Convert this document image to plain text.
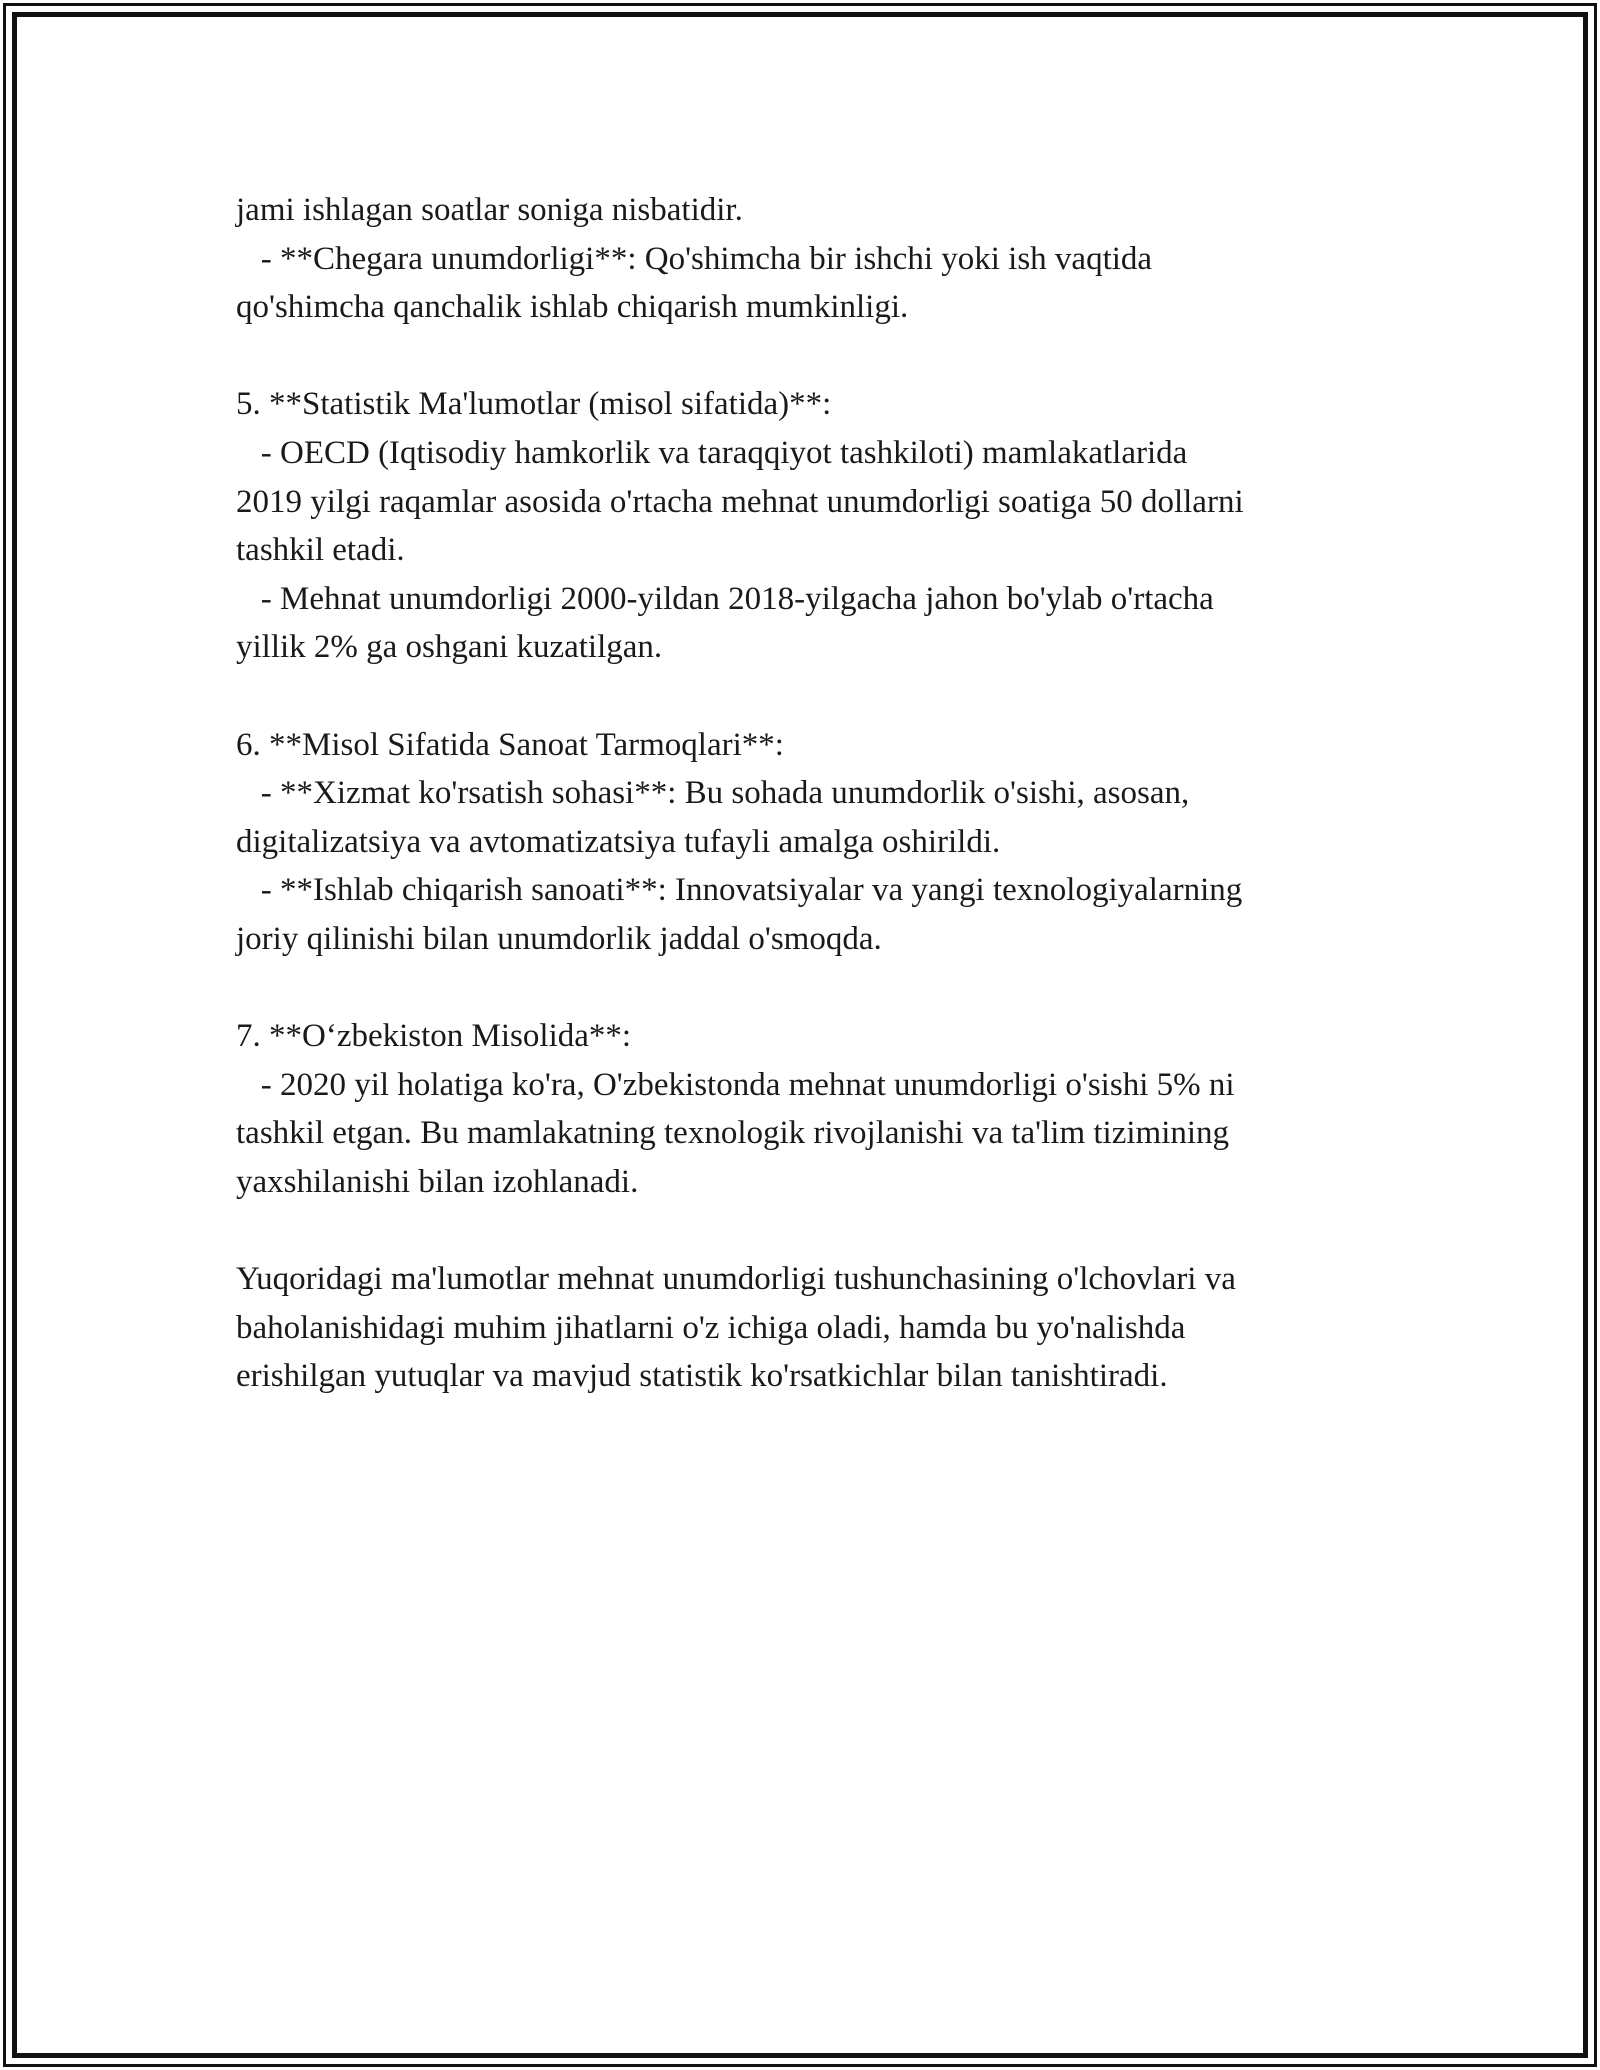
jami ishlagan soatlar soniga nisbatidir.
- **Chegara unumdorligi**: Qo'shimcha bir ishchi yoki ish vaqtida
qo'shimcha qanchalik ishlab chiqarish mumkinligi.
5. **Statistik Ma'lumotlar (misol sifatida)**:
- OECD (Iqtisodiy hamkorlik va taraqqiyot tashkiloti) mamlakatlarida
2019 yilgi raqamlar asosida o'rtacha mehnat unumdorligi soatiga 50 dollarni
tashkil etadi.
- Mehnat unumdorligi 2000-yildan 2018-yilgacha jahon bo'ylab o'rtacha
yillik 2% ga oshgani kuzatilgan.
6. **Misol Sifatida Sanoat Tarmoqlari**:
- **Xizmat ko'rsatish sohasi**: Bu sohada unumdorlik o'sishi, asosan,
digitalizatsiya va avtomatizatsiya tufayli amalga oshirildi.
- **Ishlab chiqarish sanoati**: Innovatsiyalar va yangi texnologiyalarning
joriy qilinishi bilan unumdorlik jaddal o'smoqda.
7. **O‘zbekiston Misolida**:
- 2020 yil holatiga ko'ra, O'zbekistonda mehnat unumdorligi o'sishi 5% ni
tashkil etgan. Bu mamlakatning texnologik rivojlanishi va ta'lim tizimining
yaxshilanishi bilan izohlanadi.
Yuqoridagi ma'lumotlar mehnat unumdorligi tushunchasining o'lchovlari va
baholanishidagi muhim jihatlarni o'z ichiga oladi, hamda bu yo'nalishda
erishilgan yutuqlar va mavjud statistik ko'rsatkichlar bilan tanishtiradi.
